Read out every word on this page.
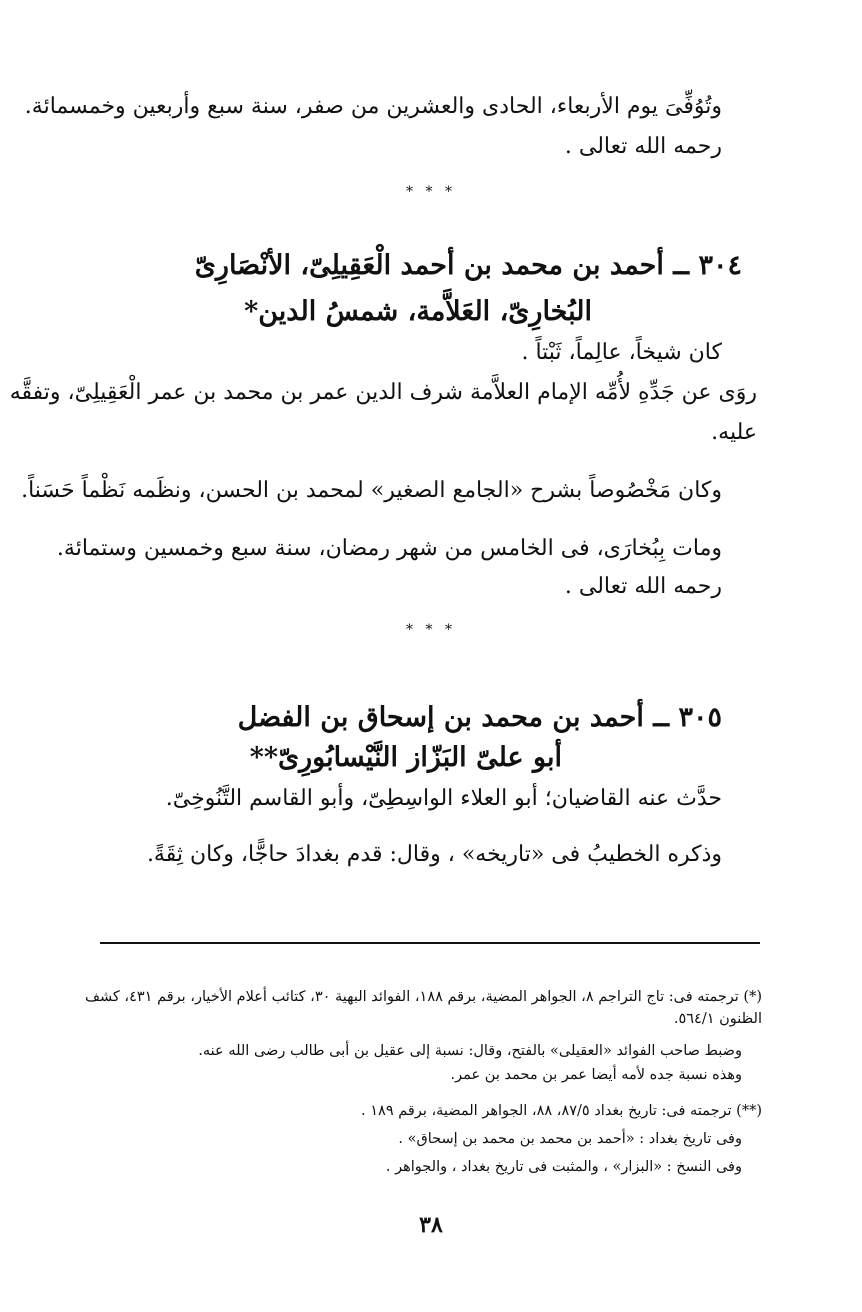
وتُوُفِّىَ يوم الأربعاء، الحادى والعشرين من صفر، سنة سبع وأربعين وخمسمائة.
رحمه الله تعالى .
* * *
٣٠٤ ــ أحمد بن محمد بن أحمد الْعَقِيلِىّ، الأنْصَارِىّ
البُخارِىّ، العَلاَّمة، شمسُ الدين*
كان شيخاً، عالِماً، ثَبْتاً .
روَى عن جَدِّهِ لأُمِّه الإمام العلاَّمة شرف الدين عمر بن محمد بن عمر الْعَقِيلِىّ، وتفقَّه
عليه.
وكان مَخْصُوصاً بشرح «الجامع الصغير» لمحمد بن الحسن، ونظَمه نَظْماً حَسَناً.
ومات بِبُخارَى، فى الخامس من شهر رمضان، سنة سبع وخمسين وستمائة.
رحمه الله تعالى .
* * *
٣٠٥ ــ أحمد بن محمد بن إسحاق بن الفضل
أبو علىّ البَزّاز النَّيْسابُورِىّ**
حدَّث عنه القاضيان؛ أبو العلاء الواسِطِىّ، وأبو القاسم التَّنُوخِىّ.
وذكره الخطيبُ فى «تاريخه» ، وقال: قدم بغدادَ حاجًّا، وكان ثِقَةً.
(*) ترجمته فى: تاج التراجم ٨، الجواهر المضية، برقم ١٨٨، الفوائد البهية ٣٠، كتائب أعلام الأخيار، برقم ٤٣١، كشف
الظنون ٥٦٤/١.
وضبط صاحب الفوائد «العقيلى» بالفتح، وقال: نسبة إلى عقيل بن أبى طالب رضى الله عنه.
وهذه نسبة جده لأمه أيضا عمر بن محمد بن عمر.
(**) ترجمته فى: تاريخ بغداد ٨٧/٥، ٨٨، الجواهر المضية، برقم ١٨٩ .
وفى تاريخ بغداد : «أحمد بن محمد بن محمد بن إسحاق» .
وفى النسخ : «البزار» ، والمثبت فى تاريخ بغداد ، والجواهر .
٣٨
